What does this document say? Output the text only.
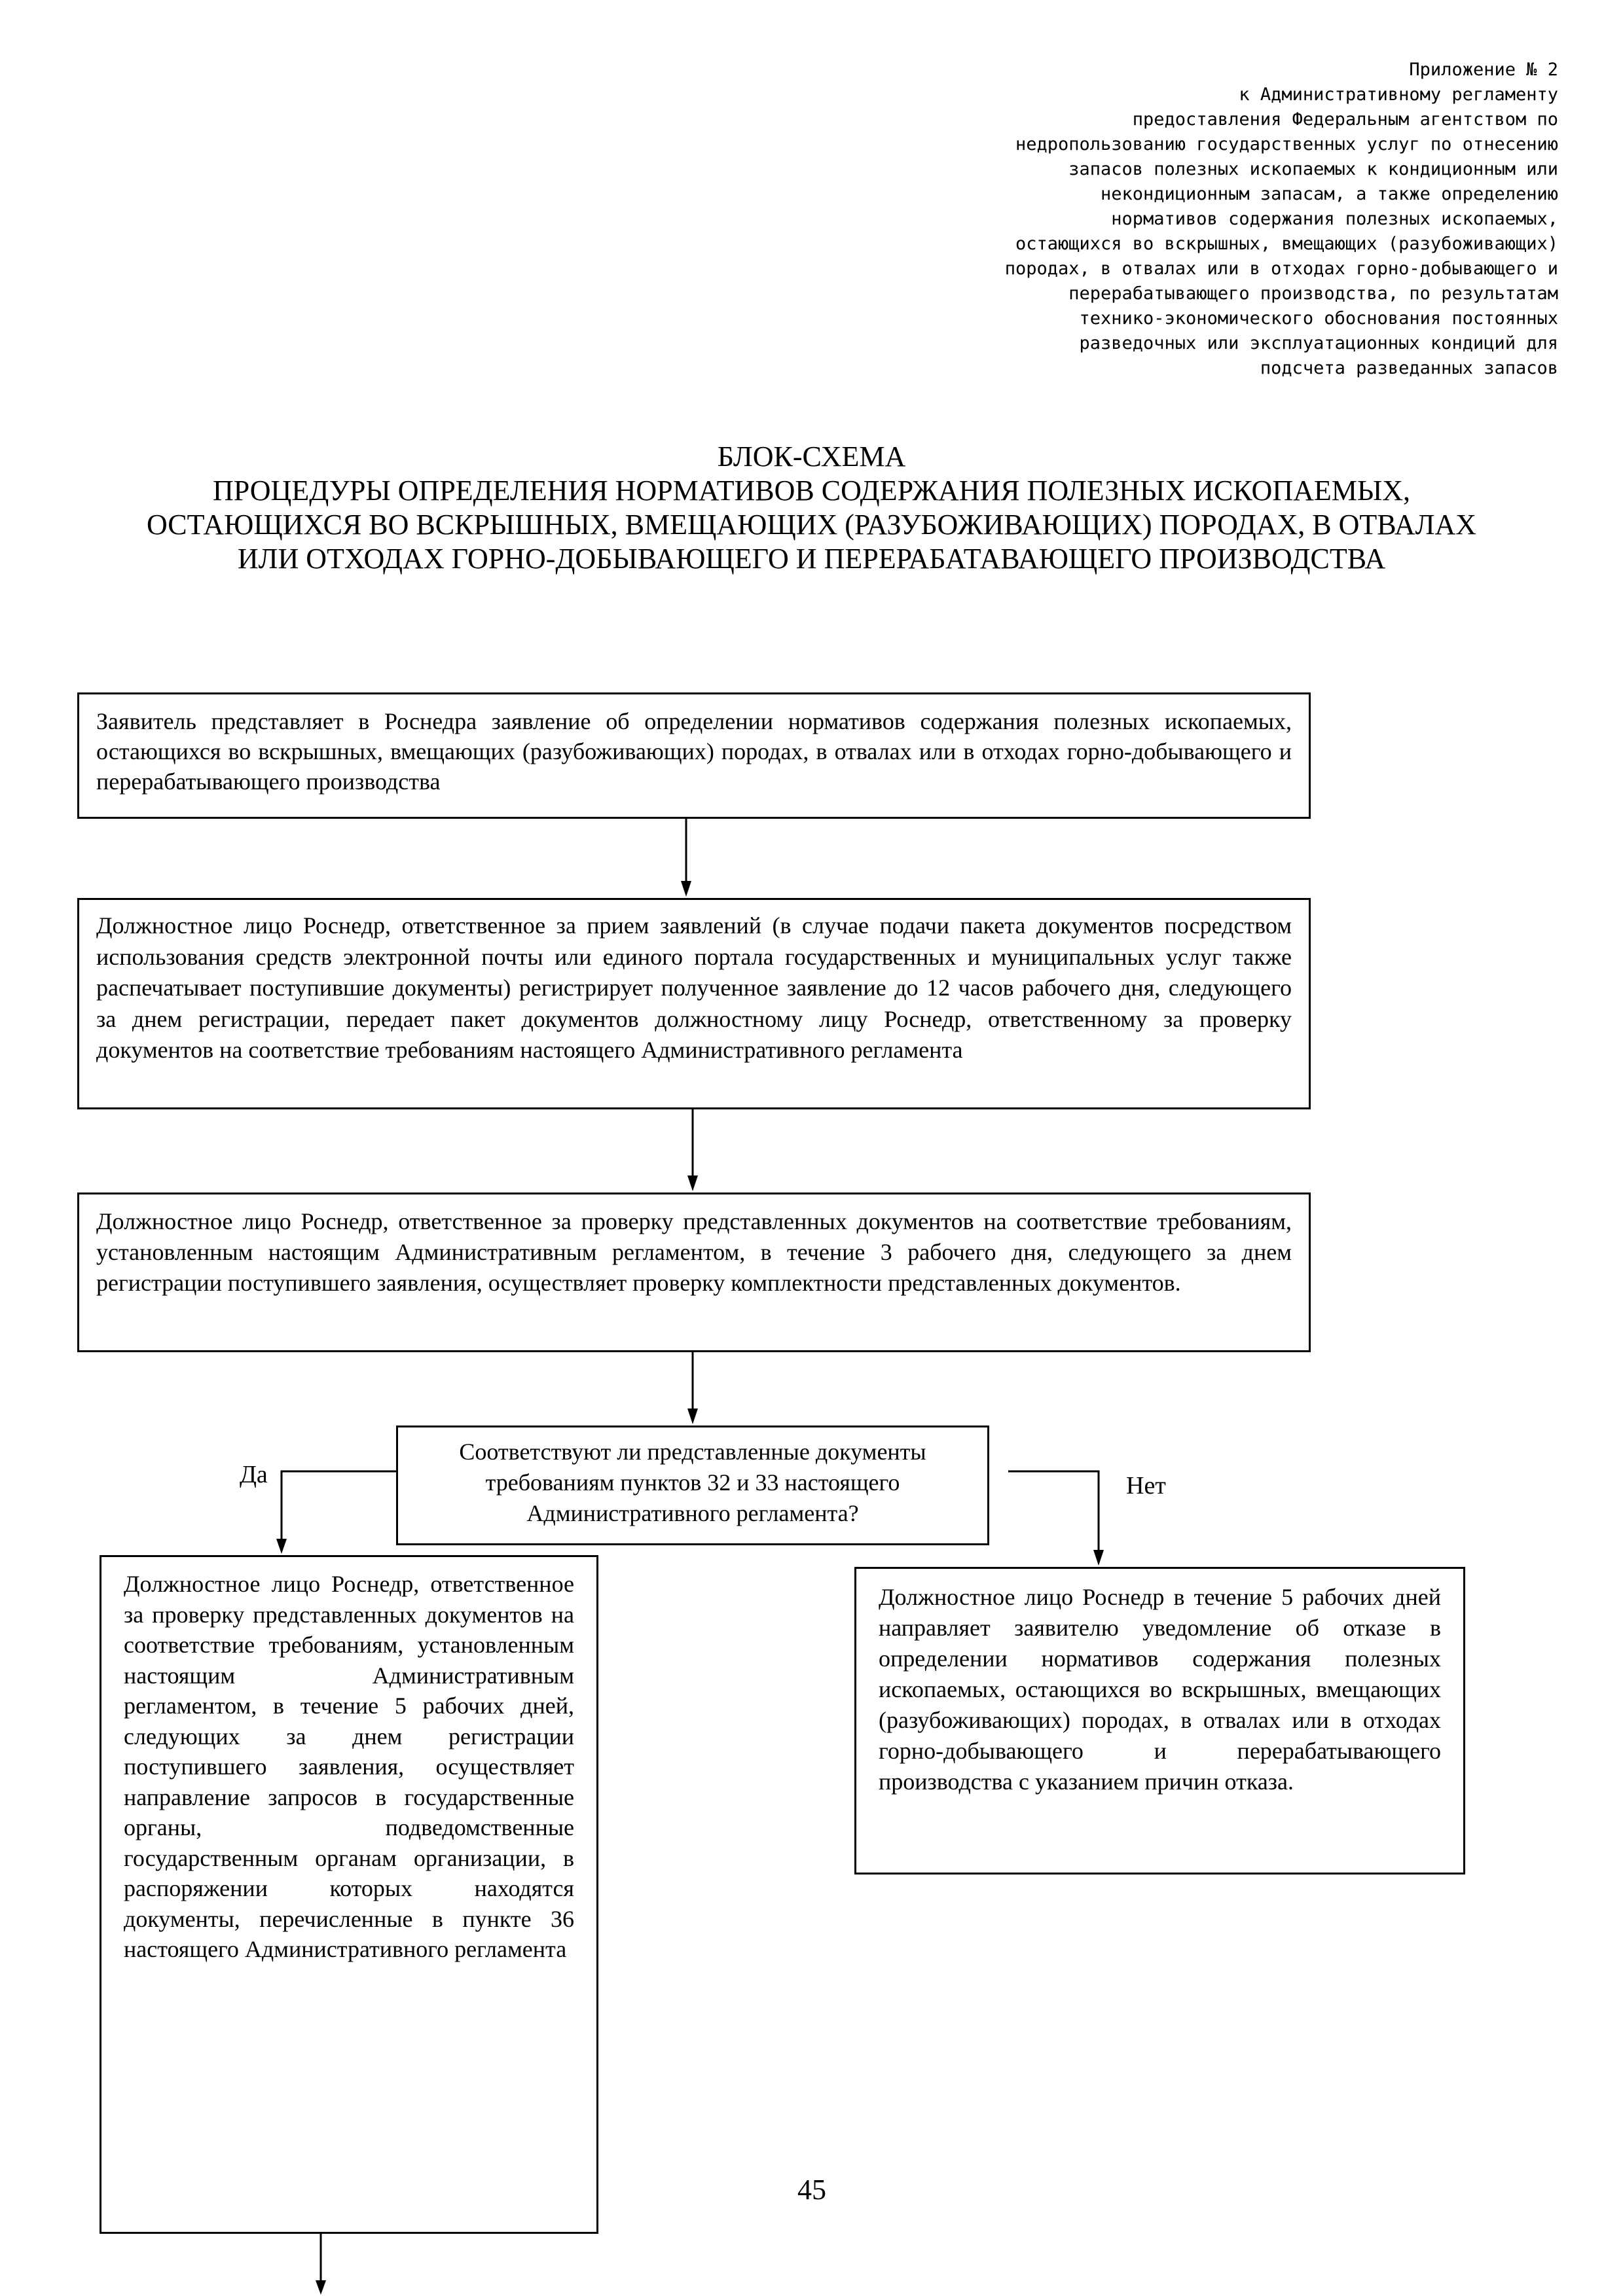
Приложение № 2
к Административному регламенту
предоставления Федеральным агентством по
недропользованию государственных услуг по отнесению
запасов полезных ископаемых к кондиционным или
некондиционным запасам, а также определению
нормативов содержания полезных ископаемых,
остающихся во вскрышных, вмещающих (разубоживающих)
породах, в отвалах или в отходах горно-добывающего и
перерабатывающего производства, по результатам
технико-экономического обоснования постоянных
разведочных или эксплуатационных кондиций для
подсчета разведанных запасов
БЛОК-СХЕМА
ПРОЦЕДУРЫ ОПРЕДЕЛЕНИЯ НОРМАТИВОВ СОДЕРЖАНИЯ ПОЛЕЗНЫХ ИСКОПАЕМЫХ,
ОСТАЮЩИХСЯ ВО ВСКРЫШНЫХ, ВМЕЩАЮЩИХ (РАЗУБОЖИВАЮЩИХ) ПОРОДАХ, В ОТВАЛАХ
ИЛИ ОТХОДАХ ГОРНО-ДОБЫВАЮЩЕГО И ПЕРЕРАБАТАВАЮЩЕГО ПРОИЗВОДСТВА
Заявитель представляет в Роснедра заявление об определении нормативов содержания полезных ископаемых, остающихся во вскрышных, вмещающих (разубоживающих) породах, в отвалах или в отходах горно-добывающего и перерабатывающего производства
Должностное лицо Роснедр, ответственное за прием заявлений (в случае подачи пакета документов посредством использования средств электронной почты или единого портала государственных и муниципальных услуг также распечатывает поступившие документы) регистрирует полученное заявление до 12 часов рабочего дня, следующего за днем регистрации, передает пакет документов должностному лицу Роснедр, ответственному за проверку документов на соответствие требованиям настоящего Административного регламента
Должностное лицо Роснедр, ответственное за проверку представленных документов на соответствие требованиям, установленным настоящим Административным регламентом, в течение 3 рабочего дня, следующего за днем регистрации поступившего заявления, осуществляет проверку комплектности представленных документов.
Соответствуют ли представленные документы требованиям пунктов 32 и 33 настоящего Административного регламента?
Да	Нет
Должностное лицо Роснедр, ответственное за проверку представленных документов на соответствие требованиям, установленным настоящим Административным регламентом, в течение 5 рабочих дней, следующих за днем регистрации поступившего заявления, осуществляет направление запросов в государственные органы, подведомственные государственным органам организации, в распоряжении которых находятся документы, перечисленные в пункте 36 настоящего Административного регламента
Должностное лицо Роснедр в течение 5 рабочих дней направляет заявителю уведомление об отказе в определении нормативов содержания полезных ископаемых, остающихся во вскрышных, вмещающих (разубоживающих) породах, в отвалах или в отходах горно-добывающего и перерабатывающего производства с указанием причин отказа.
45
